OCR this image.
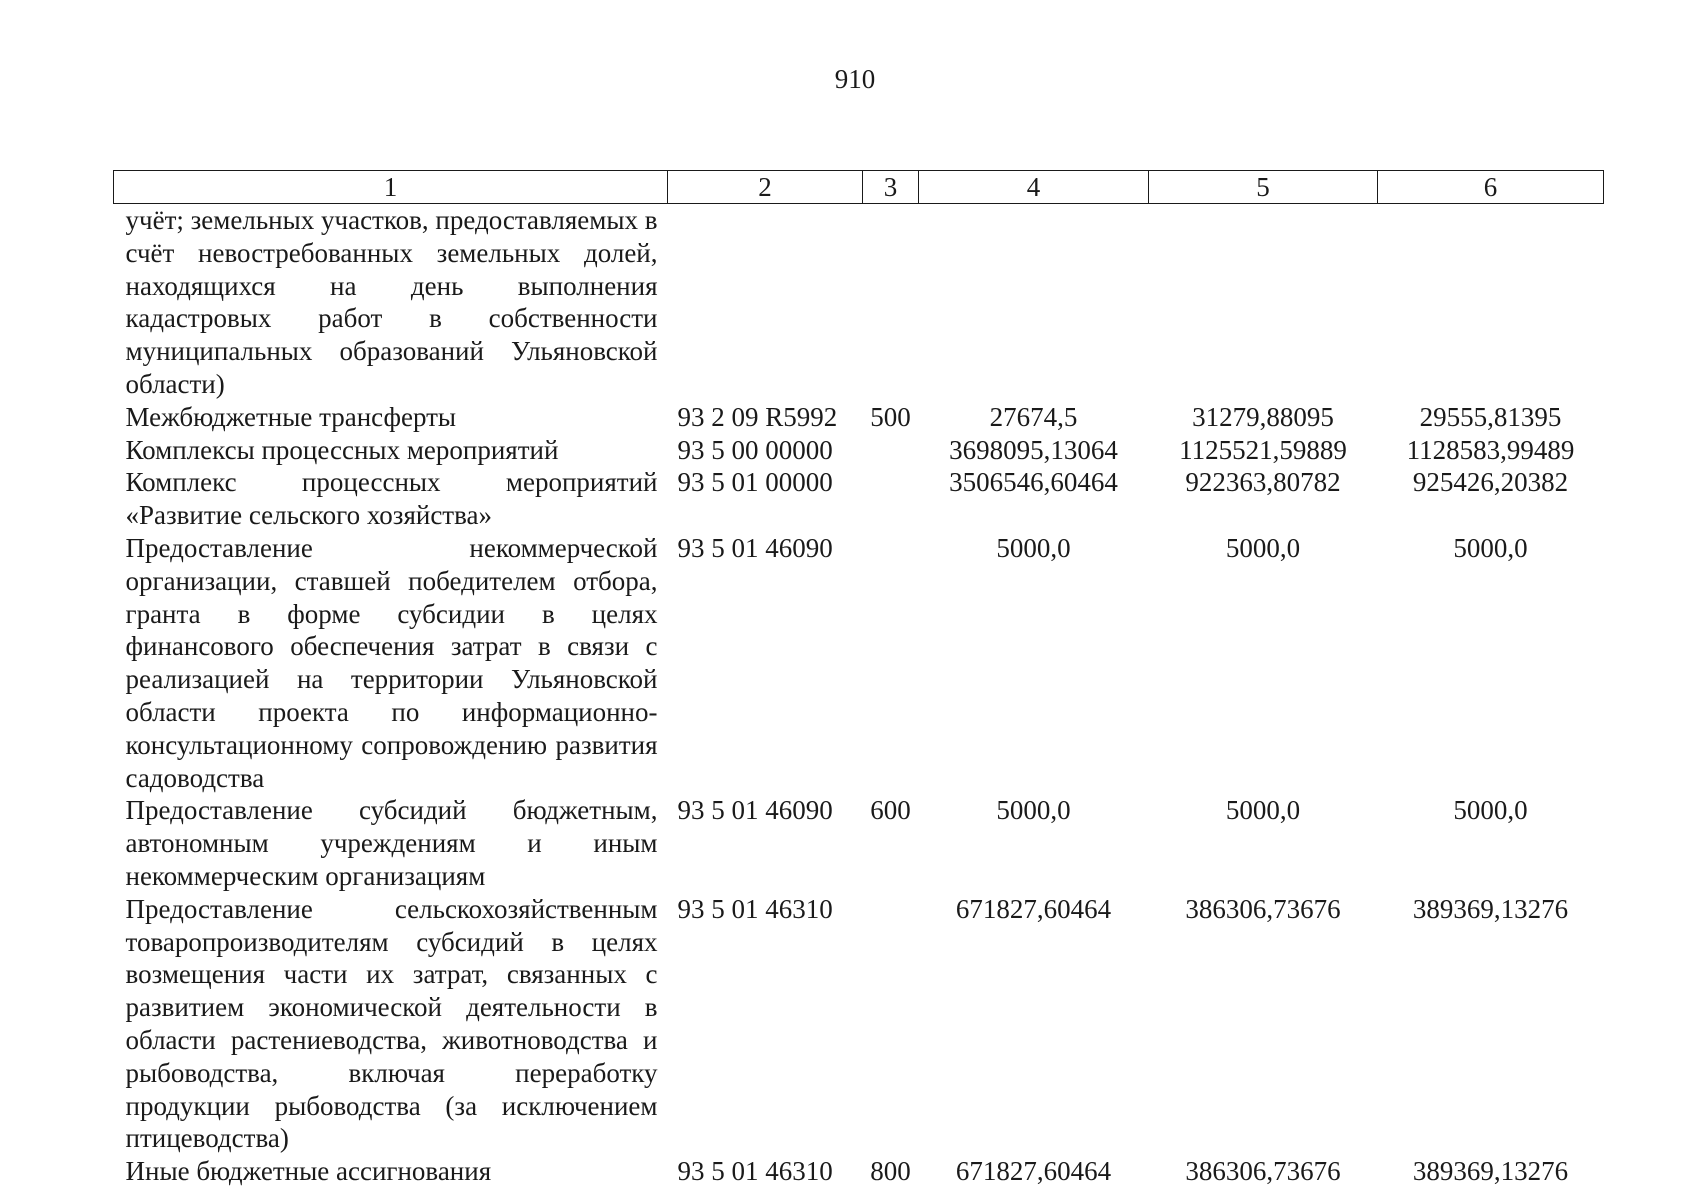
910
1	2	3	4	5	6
учёт; земельных участков, предоставляемых в счёт невостребованных земельных долей, находящихся на день выполнения кадастровых работ в собственности муниципальных образований Ульяновской области)					
Межбюджетные трансферты	93 2 09 R5992	500	27674,5	31279,88095	29555,81395
Комплексы процессных мероприятий	93 5 00 00000		3698095,13064	1125521,59889	1128583,99489
Комплекс процессных мероприятий «Развитие сельского хозяйства»	93 5 01 00000		3506546,60464	922363,80782	925426,20382
Предоставление некоммерческой организации, ставшей победителем отбора, гранта в форме субсидии в целях финансового обеспечения затрат в связи с реализацией на территории Ульяновской области проекта по информационно-консультационному сопровождению развития садоводства	93 5 01 46090		5000,0	5000,0	5000,0
Предоставление субсидий бюджетным, автономным учреждениям и иным некоммерческим организациям	93 5 01 46090	600	5000,0	5000,0	5000,0
Предоставление сельскохозяйственным товаропроизводителям субсидий в целях возмещения части их затрат, связанных с развитием экономической деятельности в области растениеводства, животноводства и рыбоводства, включая переработку продукции рыбоводства (за исключением птицеводства)	93 5 01 46310		671827,60464	386306,73676	389369,13276
Иные бюджетные ассигнования	93 5 01 46310	800	671827,60464	386306,73676	389369,13276
